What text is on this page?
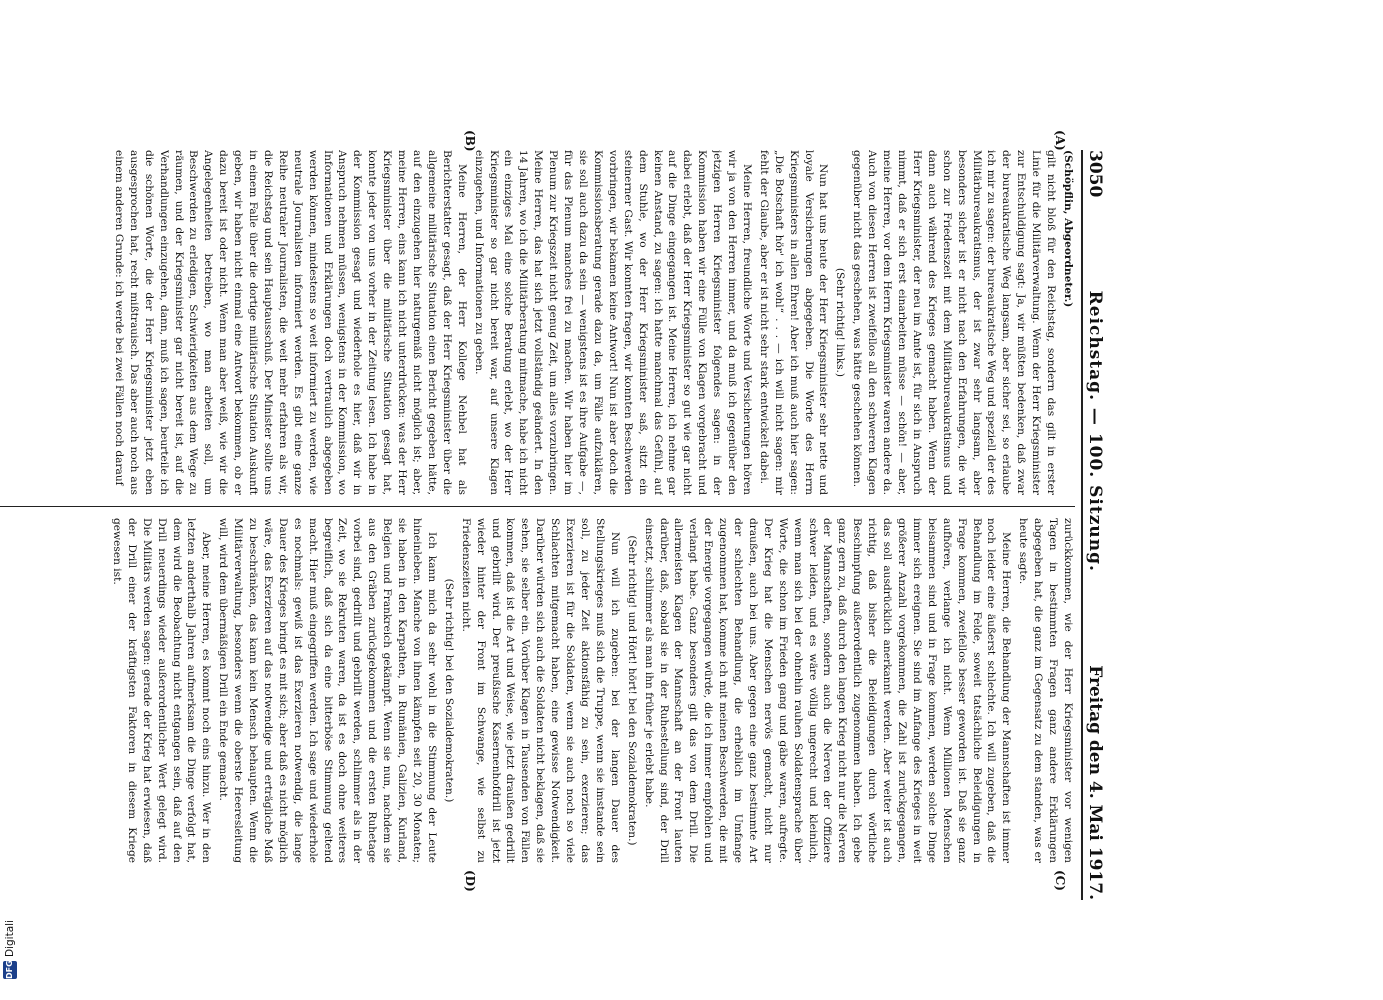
DFG
3050
Reichstag. — 100. Sitzung.
Freitag den 4. Mai 1917.
(A)
(B)
(C)
(D)

(Schöpflin, Abgeordneter.)

gilt nicht bloß für den Reichstag, sondern das gilt in erster Linie für die Militärverwaltung. Wenn der Herr Kriegsminister zur Entschuldigung sagt: Ja, wir müßten bedenken, daß zwar der bureaukratische Weg langsam, aber sicher sei, so erlaube ich mir zu sagen: der bureaukratische Weg und speziell der des Militärbureaukratismus, der ist zwar sehr langsam, aber besonders sicher ist er nicht nach den Erfahrungen, die wir schon zur Friedenszeit mit dem Militärbureaukratismus und dann auch während des Krieges gemacht haben. Wenn der Herr Kriegsminister, der neu im Amte ist, für sich in Anspruch nimmt, daß er sich erst einarbeiten müsse — schön! — aber, meine Herren, vor dem Herrn Kriegsminister waren andere da. Auch von diesen Herren ist zweifellos all den schweren Klagen gegenüber nicht das geschehen, was hätte geschehen können.

(Sehr richtig! links.)

Nun hat uns heute der Herr Kriegsminister sehr nette und loyale Versicherungen abgegeben. Die Worte des Herrn Kriegsministers in allen Ehren! Aber ich muß auch hier sagen: „Die Botschaft hör' ich wohl“ . . . — ich will nicht sagen: mir fehlt der Glaube, aber er ist nicht sehr stark entwickelt dabei.

Meine Herren, freundliche Worte und Versicherungen hören wir ja von den Herren immer, und da muß ich gegenüber den jetzigen Herren Kriegsminister folgendes sagen: in der Kommission haben wir eine Fülle von Klagen vorgebracht und dabei erlebt, daß der Herr Kriegsminister so gut wie gar nicht auf die Dinge eingegangen ist. Meine Herren, ich nehme gar keinen Anstand, zu sagen: ich hatte manchmal das Gefühl, auf dem Stuhle, wo der Herr Kriegsminister saß, sitzt ein steinerner Gast. Wir konnten fragen, wir konnten Beschwerden vorbringen, wir bekamen keine Antwort! Nun ist aber doch die Kommissionsberatung gerade dazu da, um Fälle aufzuklären, sie soll auch dazu da sein — wenigstens ist es ihre Aufgabe —, für das Plenum manches frei zu machen. Wir haben hier im Plenum zur Kriegszeit nicht genug Zeit, um alles vorzubringen. Meine Herren, das hat sich jetzt vollständig geändert. In den 14 Jahren, wo ich die Militärberatung mitmache, habe ich nicht ein einziges Mal eine solche Beratung erlebt, wo der Herr Kriegsminister so gar nicht bereit war, auf unsere Klagen einzugehen, und Informationen zu geben.

Meine Herren, der Herr Kollege Nehbel hat als Berichterstatter gesagt, daß der Herr Kriegsminister über die allgemeine militärische Situation einen Bericht gegeben hätte, auf den einzugehen hier naturgemäß nicht möglich ist; aber, meine Herren, eins kann ich nicht unterdrücken: was der Herr Kriegsminister über die militärische Situation gesagt hat, konnte jeder von uns vorher in der Zeitung lesen. Ich habe in der Kommission gesagt und wiederhole es hier, daß wir in Anspruch nehmen müssen, wenigstens in der Kommission, wo Informationen und Erklärungen doch vertraulich abgegeben werden können, mindestens so weit informiert zu werden, wie neutrale Journalisten informiert werden. Es gibt eine ganze Reihe neutraler Journalisten, die weit mehr erfahren als wir, die Reichstag und sein Hauptausschuß. Der Minister sollte uns in einem Falle über die dortige militärische Situation Auskunft geben, wir haben nicht einmal eine Antwort bekommen, ob er dazu bereit ist oder nicht. Wenn man aber weiß, wie wir die Angelegenheiten betreiben, wo man arbeiten soll, um Beschwerden zu erledigen, Schwierigkeiten aus dem Wege zu räumen, und der Kriegsminister gar nicht bereit ist, auf die Verhandlungen einzugehen, dann, muß ich sagen, beurteile ich die schönen Worte, die der Herr Kriegsminister jetzt eben ausgesprochen hat, recht mißtrauisch. Das aber auch noch aus einem anderen Grunde: ich werde bei zwei Fällen noch darauf

zurückkommen, wie der Herr Kriegsminister vor wenigen Tagen in bestimmten Fragen ganz andere Erklärungen abgegeben hat, die ganz im Gegensatz zu dem standen, was er heute sagte.

Meine Herren, die Behandlung der Mannschaften ist immer noch leider eine äußerst schlechte. Ich will zugeben, daß die Behandlung im Felde, soweit tatsächliche Beleidigungen in Frage kommen, zweifellos besser geworden ist. Daß sie ganz aufhören, verlange ich nicht. Wenn Millionen Menschen beisammen sind und in Frage kommen, werden solche Dinge immer sich ereignen. Sie sind im Anfange des Krieges in weit größerer Anzahl vorgekommen, die Zahl ist zurückgegangen, das soll ausdrücklich anerkannt werden. Aber weiter ist auch richtig, daß bisher die Beleidigungen durch wörtliche Beschimpfung außerordentlich zugenommen haben. Ich gebe ganz gern zu, daß durch den langen Krieg nicht nur die Nerven der Mannschaften, sondern auch die Nerven der Offiziere schwer leiden, und es wäre völlig ungerecht und kleinlich, wenn man sich bei der ohnehin rauhen Soldatensprache über Worte, die schon im Frieden gang und gäbe waren, aufregte. Der Krieg hat die Menschen nervös gemacht, nicht nur draußen, auch bei uns. Aber gegen eine ganz bestimmte Art der schlechten Behandlung, die erheblich im Umfange zugenommen hat, komme ich mit meinen Beschwerden, die mit der Energie vorgegangen würde, die ich immer empfohlen und verlangt habe. Ganz besonders gilt das von dem Drill. Die allermeisten Klagen der Mannschaft an der Front lauten darüber, daß, sobald sie in der Ruhestellung sind, der Drill einsetzt, schlimmer als man ihn früher je erlebt habe.

(Sehr richtig! und Hört! hört! bei den Sozialdemokraten.)

Nun will ich zugeben: bei der langen Dauer des Stellungskrieges muß sich die Truppe, wenn sie imstande sein soll, zu jeder Zeit aktionsfähig zu sein, exerzieren; das Exerzieren ist für die Soldaten, wenn sie auch noch so viele Schlachten mitgemacht haben, eine gewisse Notwendigkeit. Darüber würden sich auch die Soldaten nicht beklagen, daß sie sehen, sie selber ein. Vorüber Klagen in Tausenden von Fällen kommen, daß ist die Art und Weise, wie jetzt draußen gedrillt und gebrillt wird. Der preußische Kasernenhofdrill ist jetzt wieder hinter der Front im Schwange, wie selbst zu Friedenszeiten nicht.

(Sehr richtig! bei den Sozialdemokraten.)

Ich kann mich da sehr wohl in die Stimmung der Leute hineinleben. Manche von ihnen kämpfen seit 20, 30 Monaten; sie haben in den Karpathen, in Rumänien, Galizien, Kurland, Belgien und Frankreich gekämpft. Wenn sie nun, nachdem sie aus den Gräben zurückgekommen und die ersten Ruhetage vorbei sind, gedrillt und gebrillt werden, schlimmer als in der Zeit, wo sie Rekruten waren, da ist es doch ohne weiteres begreiflich, daß sich da eine bitterböse Stimmung geltend macht. Hier muß eingegriffen werden. Ich sage und wiederhole es nochmals: gewiß ist das Exerzieren notwendig, die lange Dauer des Krieges bringt es mit sich; aber daß es nicht möglich wäre, das Exerzieren auf das notwendige und erträgliche Maß zu beschränken, das kann kein Mensch behaupten. Wenn die Militärverwaltung, besonders wenn die oberste Heeresleitung will, wird dem übermäßigen Drill ein Ende gemacht.

Aber, meine Herren, es kommt noch eins hinzu. Wer in den letzten anderthalb Jahren aufmerksam die Dinge verfolgt hat, dem wird die Beobachtung nicht entgangen sein, daß auf den Drill neuerdings wieder außerordentlicher Wert gelegt wird. Die Militärs werden sagen: gerade der Krieg hat erwiesen, daß der Drill einer der kräftigsten Faktoren in diesem Kriege gewesen ist.
